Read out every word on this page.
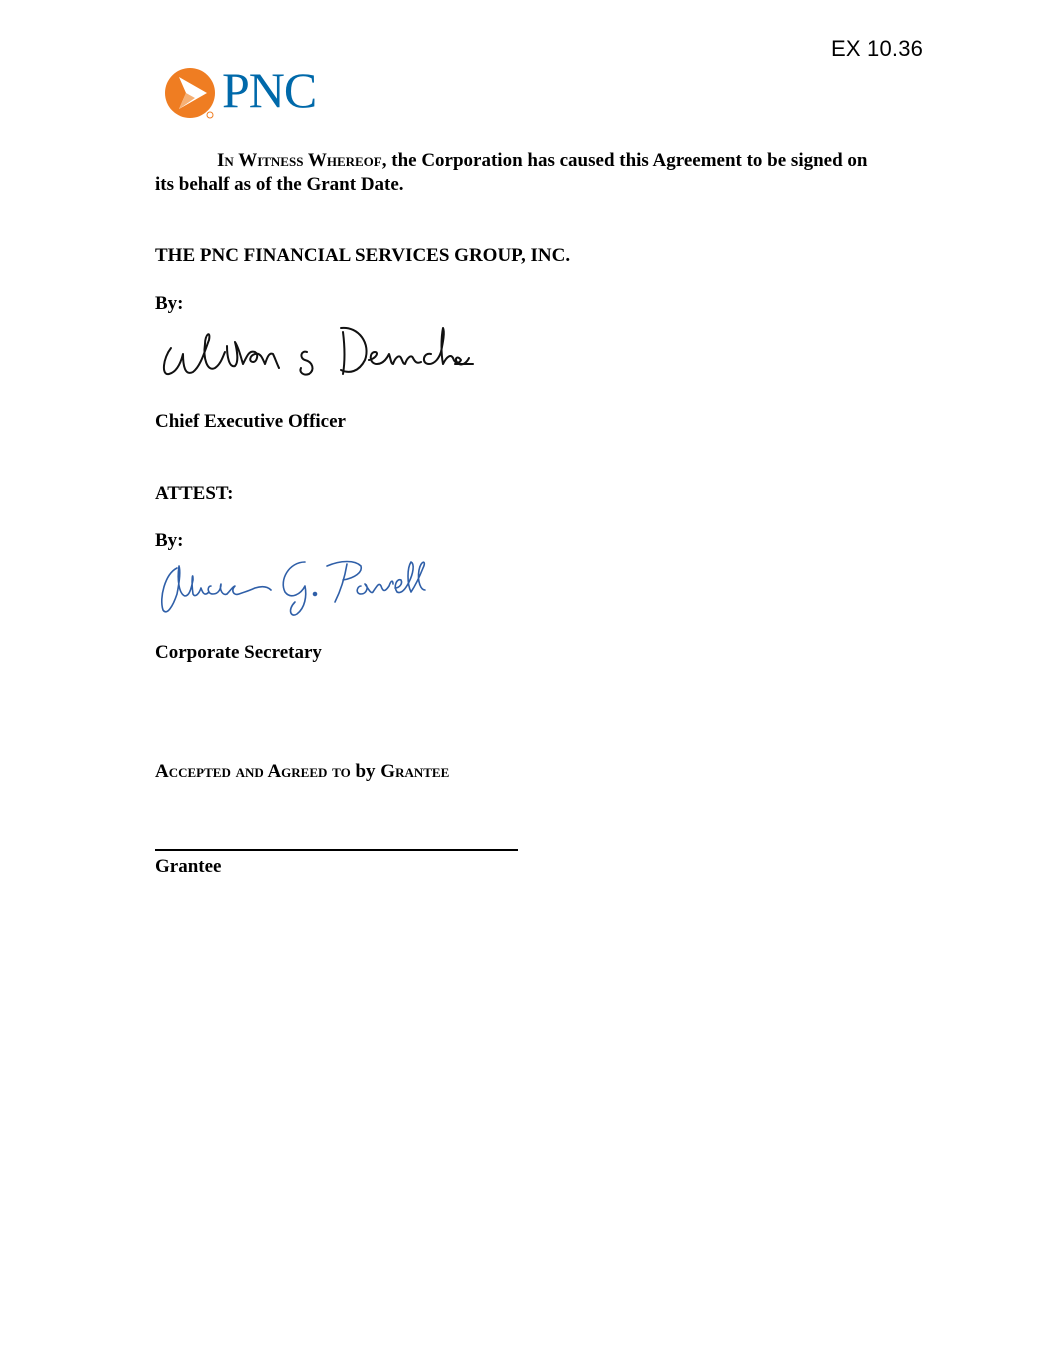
EX 10.36
PNC
In Witness Whereof, the Corporation has caused this Agreement to be signed on its behalf as of the Grant Date.
THE PNC FINANCIAL SERVICES GROUP, INC.
By:
Chief Executive Officer
ATTEST:
By:
Corporate Secretary
Accepted and Agreed to by Grantee
Grantee
